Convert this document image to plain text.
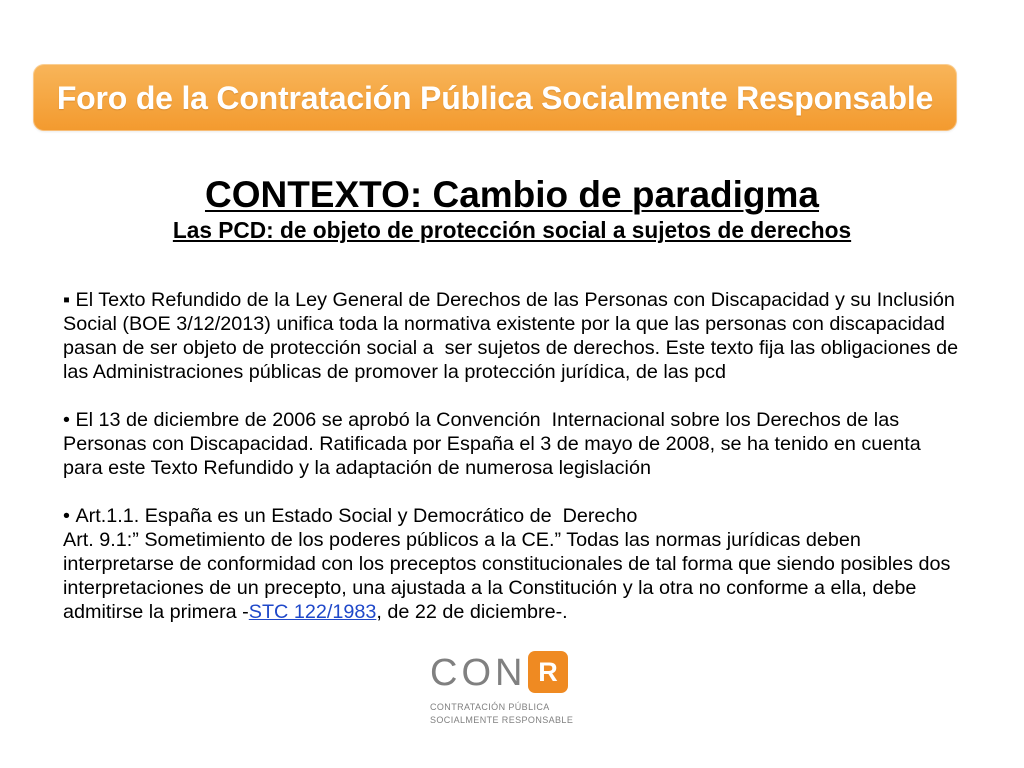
Foro de la Contratación Pública Socialmente Responsable
CONTEXTO: Cambio de paradigma
Las PCD: de objeto de protección social a sujetos de derechos
▪ El Texto Refundido de la Ley General de Derechos de las Personas con Discapacidad y su Inclusión
Social (BOE 3/12/2013) unifica toda la normativa existente por la que las personas con discapacidad
pasan de ser objeto de protección social a  ser sujetos de derechos. Este texto fija las obligaciones de
las Administraciones públicas de promover la protección jurídica, de las pcd
• El 13 de diciembre de 2006 se aprobó la Convención  Internacional sobre los Derechos de las
Personas con Discapacidad. Ratificada por España el 3 de mayo de 2008, se ha tenido en cuenta
para este Texto Refundido y la adaptación de numerosa legislación
• Art.1.1. España es un Estado Social y Democrático de  Derecho
Art. 9.1:” Sometimiento de los poderes públicos a la CE.” Todas las normas jurídicas deben
interpretarse de conformidad con los preceptos constitucionales de tal forma que siendo posibles dos
interpretaciones de un precepto, una ajustada a la Constitución y la otra no conforme a ella, debe
admitirse la primera -STC 122/1983, de 22 de diciembre-.
CON R
CONTRATACIÓN PÚBLICA
SOCIALMENTE RESPONSABLE
